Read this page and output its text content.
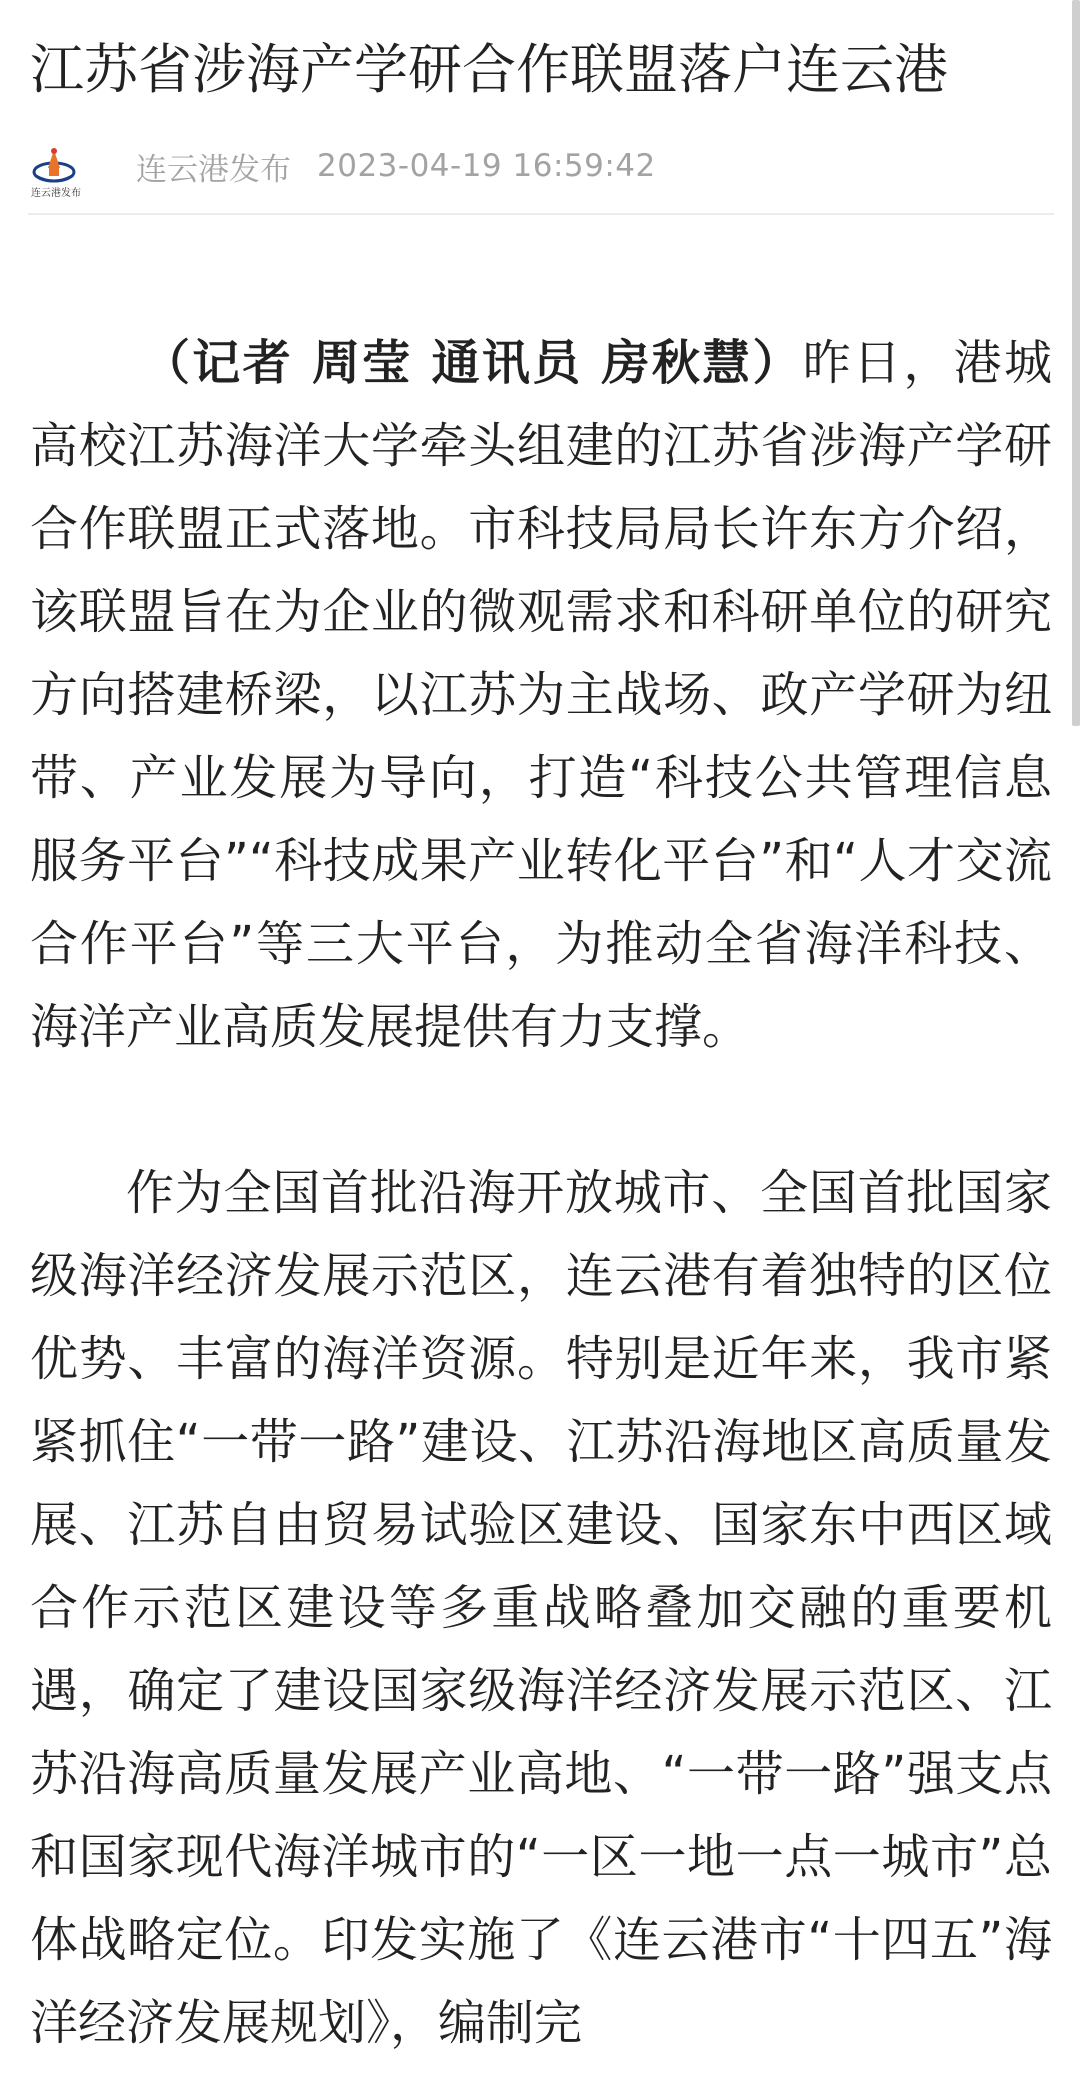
江苏省涉海产学研合作联盟落户连云港
连云港发布
连云港发布 2023-04-19 16:59:42

（记者 周莹 通讯员 房秋慧）昨日，港城高校江苏海洋大学牵头组建的江苏省涉海产学研合作联盟正式落地。市科技局局长许东方介绍，该联盟旨在为企业的微观需求和科研单位的研究方向搭建桥梁，以江苏为主战场、政产学研为纽带、产业发展为导向，打造“科技公共管理信息服务平台”“科技成果产业转化平台”和“人才交流合作平台”等三大平台，为推动全省海洋科技、海洋产业高质发展提供有力支撑。

作为全国首批沿海开放城市、全国首批国家级海洋经济发展示范区，连云港有着独特的区位优势、丰富的海洋资源。特别是近年来，我市紧紧抓住“一带一路”建设、江苏沿海地区高质量发展、江苏自由贸易试验区建设、国家东中西区域合作示范区建设等多重战略叠加交融的重要机遇，确定了建设国家级海洋经济发展示范区、江苏沿海高质量发展产业高地、“一带一路”强支点和国家现代海洋城市的“一区一地一点一城市”总体战略定位。印发实施了《连云港市“十四五”海洋经济发展规划》，编制完
